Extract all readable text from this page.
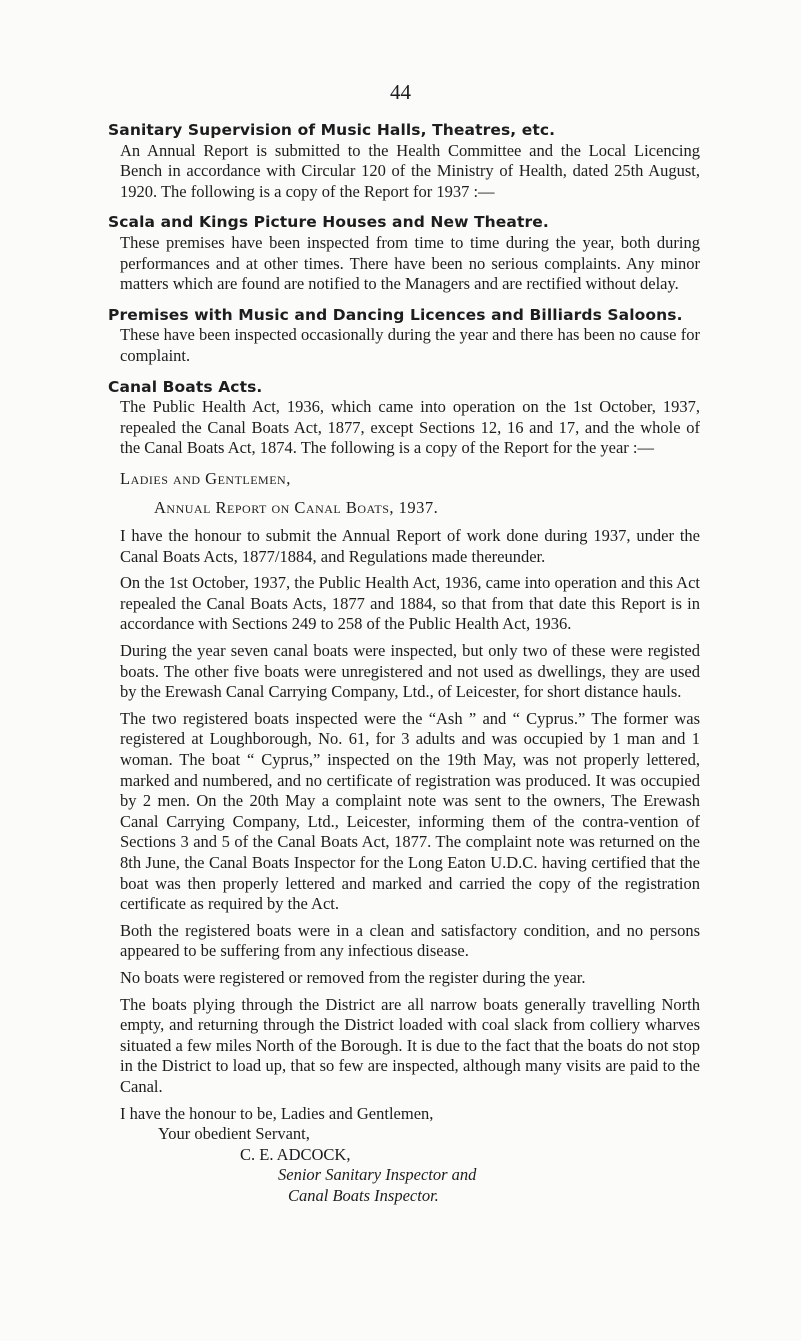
44
Sanitary Supervision of Music Halls, Theatres, etc.

An Annual Report is submitted to the Health Committee and the Local Licencing Bench in accordance with Circular 120 of the Ministry of Health, dated 25th August, 1920. The following is a copy of the Report for 1937 :—

Scala and Kings Picture Houses and New Theatre.

These premises have been inspected from time to time during the year, both during performances and at other times. There have been no serious complaints. Any minor matters which are found are notified to the Managers and are rectified without delay.

Premises with Music and Dancing Licences and Billiards Saloons.

These have been inspected occasionally during the year and there has been no cause for complaint.

Canal Boats Acts.

The Public Health Act, 1936, which came into operation on the 1st October, 1937, repealed the Canal Boats Act, 1877, except Sections 12, 16 and 17, and the whole of the Canal Boats Act, 1874. The following is a copy of the Report for the year :—

Ladies and Gentlemen,

Annual Report on Canal Boats, 1937.

I have the honour to submit the Annual Report of work done during 1937, under the Canal Boats Acts, 1877/1884, and Regulations made thereunder.

On the 1st October, 1937, the Public Health Act, 1936, came into operation and this Act repealed the Canal Boats Acts, 1877 and 1884, so that from that date this Report is in accordance with Sections 249 to 258 of the Public Health Act, 1936.

During the year seven canal boats were inspected, but only two of these were registed boats. The other five boats were unregistered and not used as dwellings, they are used by the Erewash Canal Carrying Company, Ltd., of Leicester, for short distance hauls.

The two registered boats inspected were the “Ash ” and “ Cyprus.” The former was registered at Loughborough, No. 61, for 3 adults and was occupied by 1 man and 1 woman. The boat “ Cyprus,” inspected on the 19th May, was not properly lettered, marked and numbered, and no certificate of registration was produced. It was occupied by 2 men. On the 20th May a complaint note was sent to the owners, The Erewash Canal Carrying Company, Ltd., Leicester, informing them of the contra-vention of Sections 3 and 5 of the Canal Boats Act, 1877. The complaint note was returned on the 8th June, the Canal Boats Inspector for the Long Eaton U.D.C. having certified that the boat was then properly lettered and marked and carried the copy of the registration certificate as required by the Act.

Both the registered boats were in a clean and satisfactory condition, and no persons appeared to be suffering from any infectious disease.

No boats were registered or removed from the register during the year.

The boats plying through the District are all narrow boats generally travelling North empty, and returning through the District loaded with coal slack from colliery wharves situated a few miles North of the Borough. It is due to the fact that the boats do not stop in the District to load up, that so few are inspected, although many visits are paid to the Canal.

I have the honour to be, Ladies and Gentlemen,

Your obedient Servant,

C. E. ADCOCK,

Senior Sanitary Inspector and

Canal Boats Inspector.
